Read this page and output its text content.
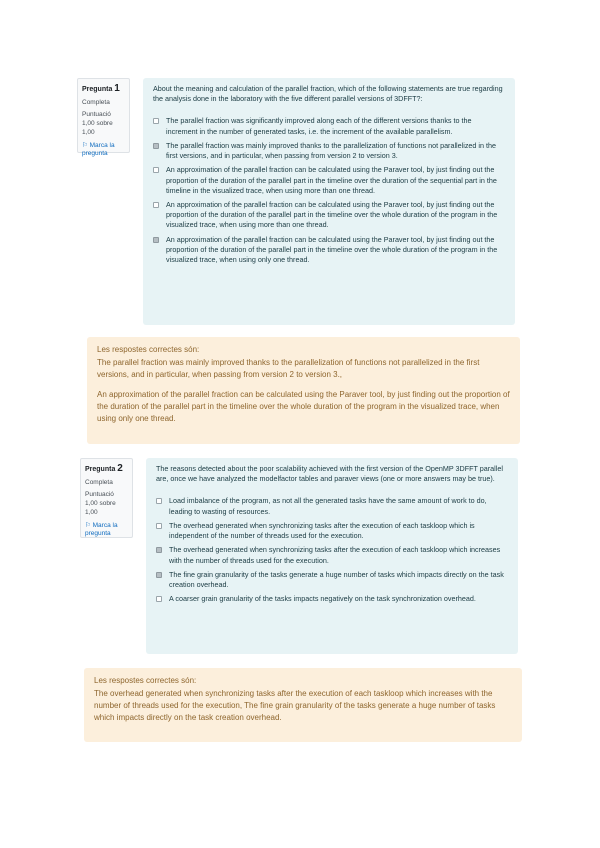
Pregunta 1
Completa
Puntuació 1,00 sobre 1,00
⚐ Marca la pregunta
About the meaning and calculation of the parallel fraction, which of the following statements are true regarding the analysis done in the laboratory with the five different parallel versions of 3DFFT?:
The parallel fraction was significantly improved along each of the different versions thanks to the increment in the number of generated tasks, i.e. the increment of the available parallelism.
The parallel fraction was mainly improved thanks to the parallelization of functions not parallelized in the first versions, and in particular, when passing from version 2 to version 3.
An approximation of the parallel fraction can be calculated using the Paraver tool, by just finding out the proportion of the duration of the parallel part in the timeline over the duration of the sequential part in the timeline in the visualized trace, when using more than one thread.
An approximation of the parallel fraction can be calculated using the Paraver tool, by just finding out the proportion of the duration of the parallel part in the timeline over the whole duration of the program in the visualized trace, when using more than one thread.
An approximation of the parallel fraction can be calculated using the Paraver tool, by just finding out the proportion of the duration of the parallel part in the timeline over the whole duration of the program in the visualized trace, when using only one thread.
Les respostes correctes són:
The parallel fraction was mainly improved thanks to the parallelization of functions not parallelized in the first versions, and in particular, when passing from version 2 to version 3.,
An approximation of the parallel fraction can be calculated using the Paraver tool, by just finding out the proportion of the duration of the parallel part in the timeline over the whole duration of the program in the visualized trace, when using only one thread.
Pregunta 2
Completa
Puntuació 1,00 sobre 1,00
⚐ Marca la pregunta
The reasons detected about the poor scalability achieved with the first version of the OpenMP 3DFFT parallel are, once we have analyzed the modelfactor tables and paraver views (one or more answers may be true).
Load imbalance of the program, as not all the generated tasks have the same amount of work to do, leading to wasting of resources.
The overhead generated when synchronizing tasks after the execution of each taskloop which is independent of the number of threads used for the execution.
The overhead generated when synchronizing tasks after the execution of each taskloop which increases with the number of threads used for the execution.
The fine grain granularity of the tasks generate a huge number of tasks which impacts directly on the task creation overhead.
A coarser grain granularity of the tasks impacts negatively on the task synchronization overhead.
Les respostes correctes són:
The overhead generated when synchronizing tasks after the execution of each taskloop which increases with the number of threads used for the execution, The fine grain granularity of the tasks generate a huge number of tasks which impacts directly on the task creation overhead.
